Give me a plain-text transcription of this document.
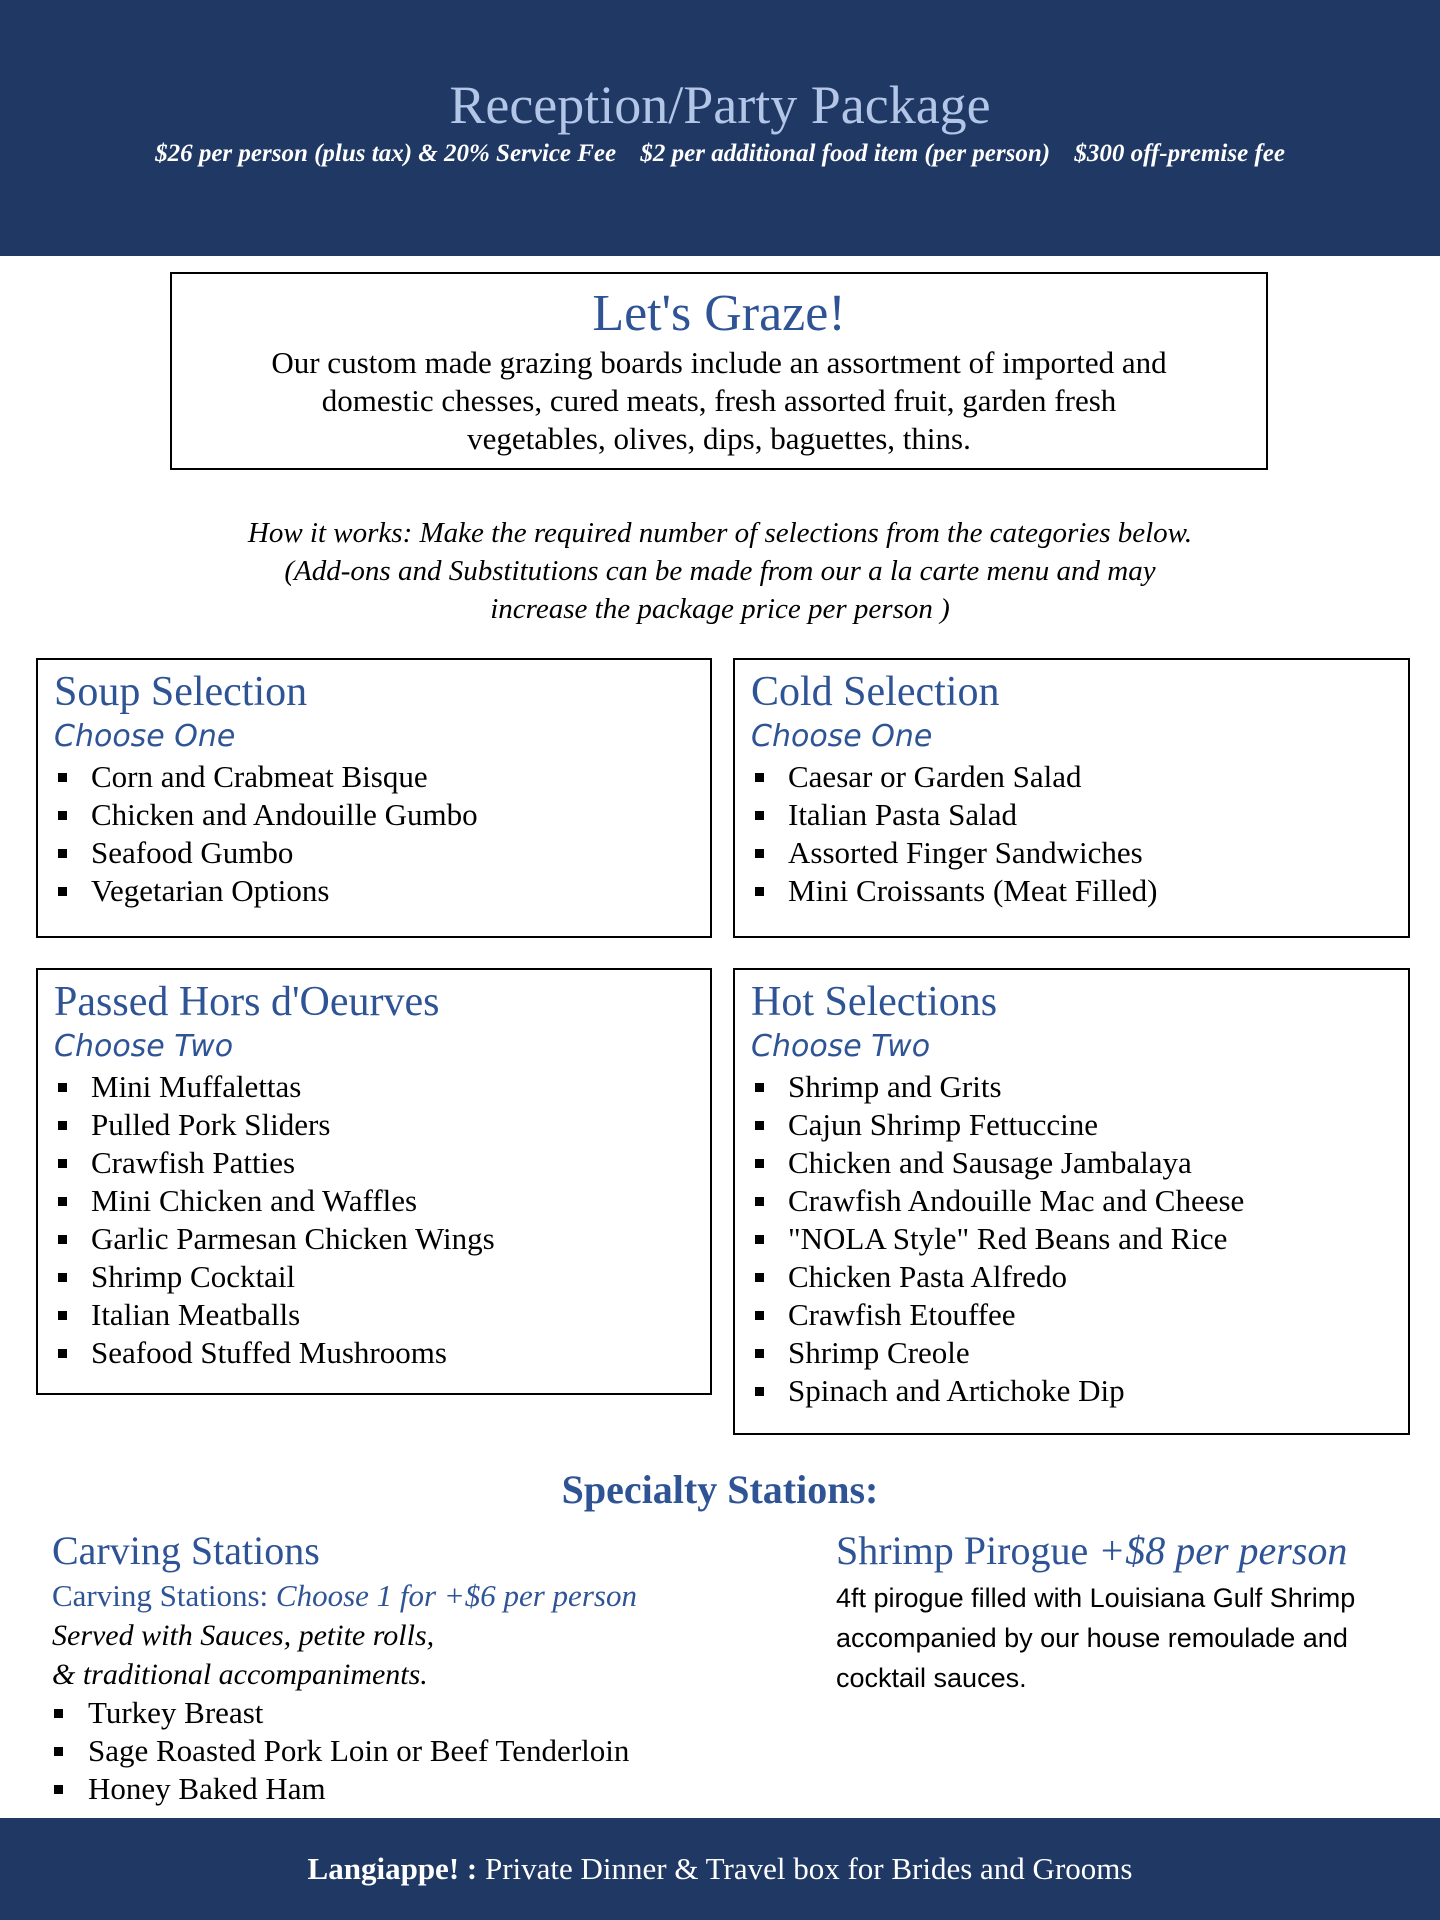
Reception/Party Package
$26 per person (plus tax) & 20% Service Fee $2 per additional food item (per person) $300 off-premise fee
Let's Graze!
Our custom made grazing boards include an assortment of imported and
domestic chesses, cured meats, fresh assorted fruit, garden fresh
vegetables, olives, dips, baguettes, thins.
How it works: Make the required number of selections from the categories below.
(Add-ons and Substitutions can be made from our a la carte menu and may
increase the package price per person )
Soup Selection
Choose One
Corn and Crabmeat Bisque
Chicken and Andouille Gumbo
Seafood Gumbo
Vegetarian Options
Cold Selection
Choose One
Caesar or Garden Salad
Italian Pasta Salad
Assorted Finger Sandwiches
Mini Croissants (Meat Filled)
Passed Hors d'Oeurves
Choose Two
Mini Muffalettas
Pulled Pork Sliders
Crawfish Patties
Mini Chicken and Waffles
Garlic Parmesan Chicken Wings
Shrimp Cocktail
Italian Meatballs
Seafood Stuffed Mushrooms
Hot Selections
Choose Two
Shrimp and Grits
Cajun Shrimp Fettuccine
Chicken and Sausage Jambalaya
Crawfish Andouille Mac and Cheese
"NOLA Style" Red Beans and Rice
Chicken Pasta Alfredo
Crawfish Etouffee
Shrimp Creole
Spinach and Artichoke Dip
Specialty Stations:
Carving Stations
Carving Stations: Choose 1 for +$6 per person
Served with Sauces, petite rolls,
& traditional accompaniments.
Turkey Breast
Sage Roasted Pork Loin or Beef Tenderloin
Honey Baked Ham
Shrimp Pirogue +$8 per person
4ft pirogue filled with Louisiana Gulf Shrimp
accompanied by our house remoulade and
cocktail sauces.
Langiappe! : Private Dinner & Travel box for Brides and Grooms
